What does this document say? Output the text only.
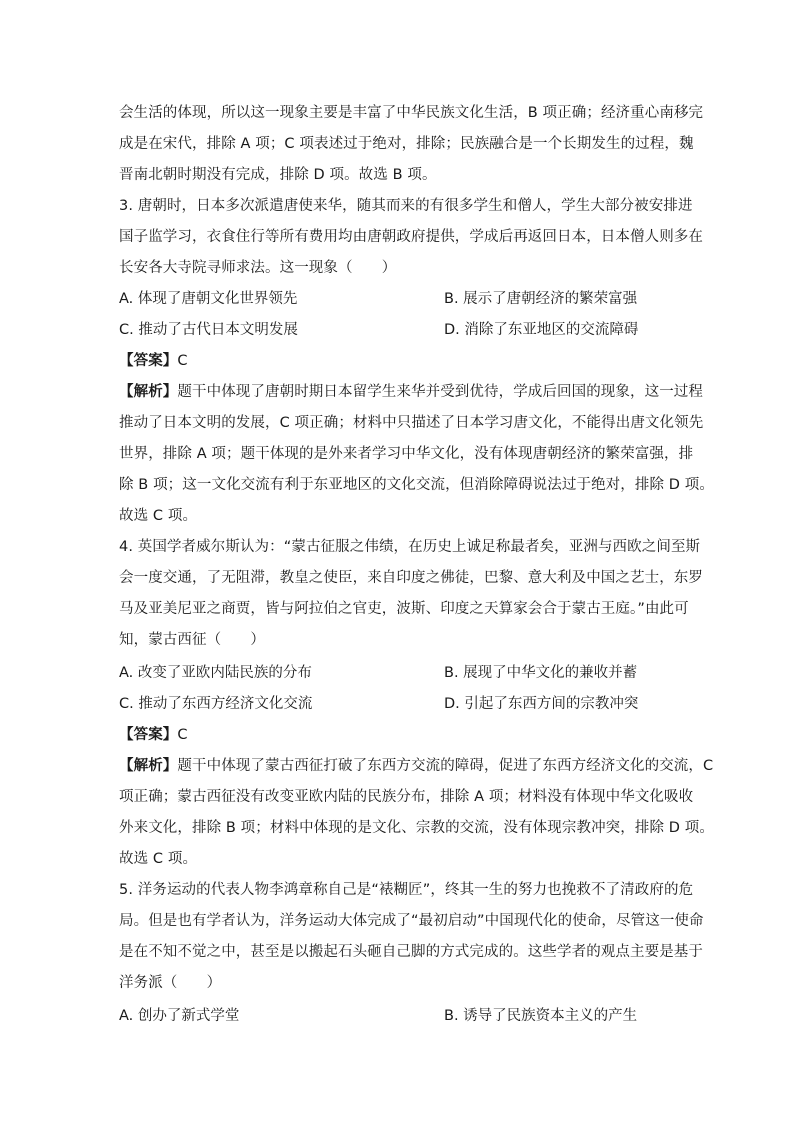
会生活的体现，所以这一现象主要是丰富了中华民族文化生活，B 项正确；经济重心南移完
成是在宋代，排除 A 项；C 项表述过于绝对，排除；民族融合是一个长期发生的过程，魏
晋南北朝时期没有完成，排除 D 项。故选 B 项。
3. 唐朝时，日本多次派遣唐使来华，随其而来的有很多学生和僧人，学生大部分被安排进
国子监学习，衣食住行等所有费用均由唐朝政府提供，学成后再返回日本，日本僧人则多在
长安各大寺院寻师求法。这一现象（　　）
A. 体现了唐朝文化世界领先	B. 展示了唐朝经济的繁荣富强
C. 推动了古代日本文明发展	D. 消除了东亚地区的交流障碍
【答案】C
【解析】题干中体现了唐朝时期日本留学生来华并受到优待，学成后回国的现象，这一过程
推动了日本文明的发展，C 项正确；材料中只描述了日本学习唐文化，不能得出唐文化领先
世界，排除 A 项；题干体现的是外来者学习中华文化，没有体现唐朝经济的繁荣富强，排
除 B 项；这一文化交流有利于东亚地区的文化交流，但消除障碍说法过于绝对，排除 D 项。
故选 C 项。
4. 英国学者威尔斯认为：“蒙古征服之伟绩，在历史上诚足称最者矣，亚洲与西欧之间至斯
会一度交通，了无阻滞，教皇之使臣，来自印度之佛徒，巴黎、意大利及中国之艺士，东罗
马及亚美尼亚之商贾，皆与阿拉伯之官吏，波斯、印度之天算家会合于蒙古王庭。”由此可
知，蒙古西征（　　）
A. 改变了亚欧内陆民族的分布	B. 展现了中华文化的兼收并蓄
C. 推动了东西方经济文化交流	D. 引起了东西方间的宗教冲突
【答案】C
【解析】题干中体现了蒙古西征打破了东西方交流的障碍，促进了东西方经济文化的交流，C
项正确；蒙古西征没有改变亚欧内陆的民族分布，排除 A 项；材料没有体现中华文化吸收
外来文化，排除 B 项；材料中体现的是文化、宗教的交流，没有体现宗教冲突，排除 D 项。
故选 C 项。
5. 洋务运动的代表人物李鸿章称自己是“裱糊匠”，终其一生的努力也挽救不了清政府的危
局。但是也有学者认为，洋务运动大体完成了“最初启动”中国现代化的使命，尽管这一使命
是在不知不觉之中，甚至是以搬起石头砸自己脚的方式完成的。这些学者的观点主要是基于
洋务派（　　）
A. 创办了新式学堂	B. 诱导了民族资本主义的产生
